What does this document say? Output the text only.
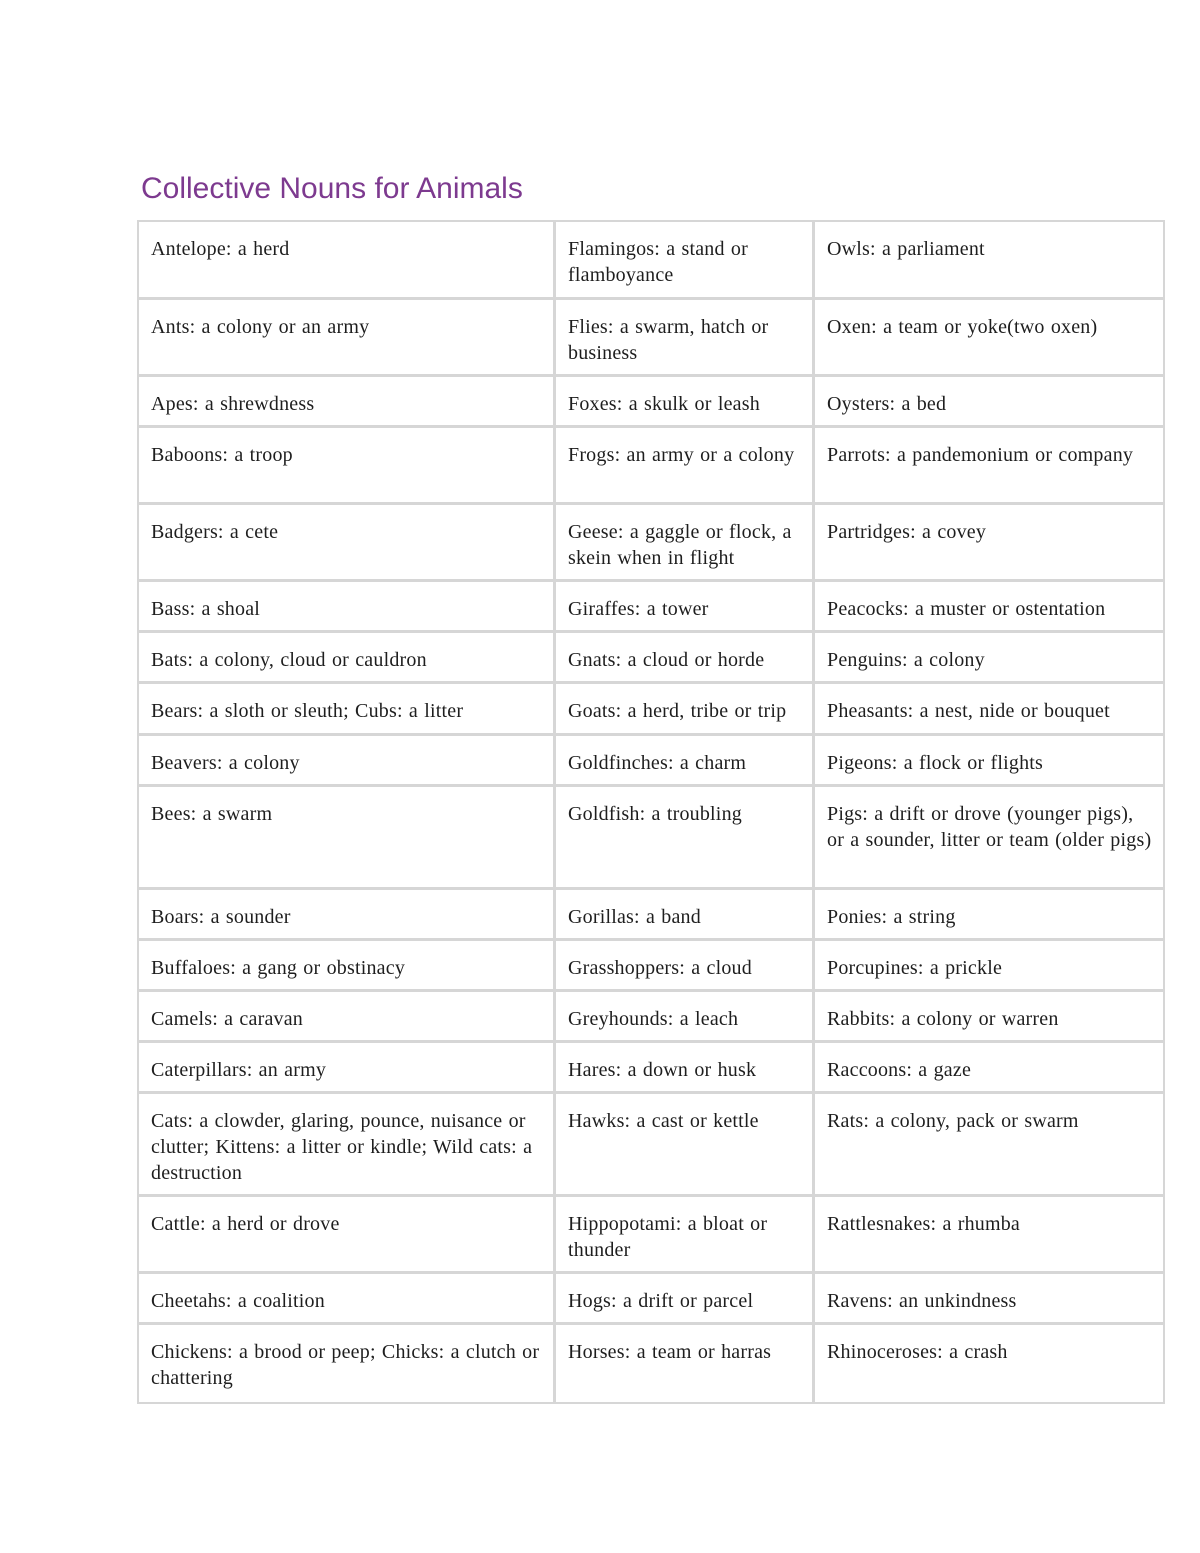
Collective Nouns for Animals
Antelope: a herd	Flamingos: a stand or flamboyance	Owls: a parliament
Ants: a colony or an army	Flies: a swarm, hatch or business	Oxen: a team or yoke(two oxen)
Apes: a shrewdness	Foxes: a skulk or leash	Oysters: a bed
Baboons: a troop	Frogs: an army or a colony	Parrots: a pandemonium or company
Badgers: a cete	Geese: a gaggle or flock, a skein when in flight	Partridges: a covey
Bass: a shoal	Giraffes: a tower	Peacocks: a muster or ostentation
Bats: a colony, cloud or cauldron	Gnats: a cloud or horde	Penguins: a colony
Bears: a sloth or sleuth; Cubs: a litter	Goats: a herd, tribe or trip	Pheasants: a nest, nide or bouquet
Beavers: a colony	Goldfinches: a charm	Pigeons: a flock or flights
Bees: a swarm	Goldfish: a troubling	Pigs: a drift or drove (younger pigs), or a sounder, litter or team (older pigs)
Boars: a sounder	Gorillas: a band	Ponies: a string
Buffaloes: a gang or obstinacy	Grasshoppers: a cloud	Porcupines: a prickle
Camels: a caravan	Greyhounds: a leach	Rabbits: a colony or warren
Caterpillars: an army	Hares: a down or husk	Raccoons: a gaze
Cats: a clowder, glaring, pounce, nuisance or clutter; Kittens: a litter or kindle; Wild cats: a destruction	Hawks: a cast or kettle	Rats: a colony, pack or swarm
Cattle: a herd or drove	Hippopotami: a bloat or thunder	Rattlesnakes: a rhumba
Cheetahs: a coalition	Hogs: a drift or parcel	Ravens: an unkindness
Chickens: a brood or peep; Chicks: a clutch or chattering	Horses: a team or harras	Rhinoceroses: a crash
